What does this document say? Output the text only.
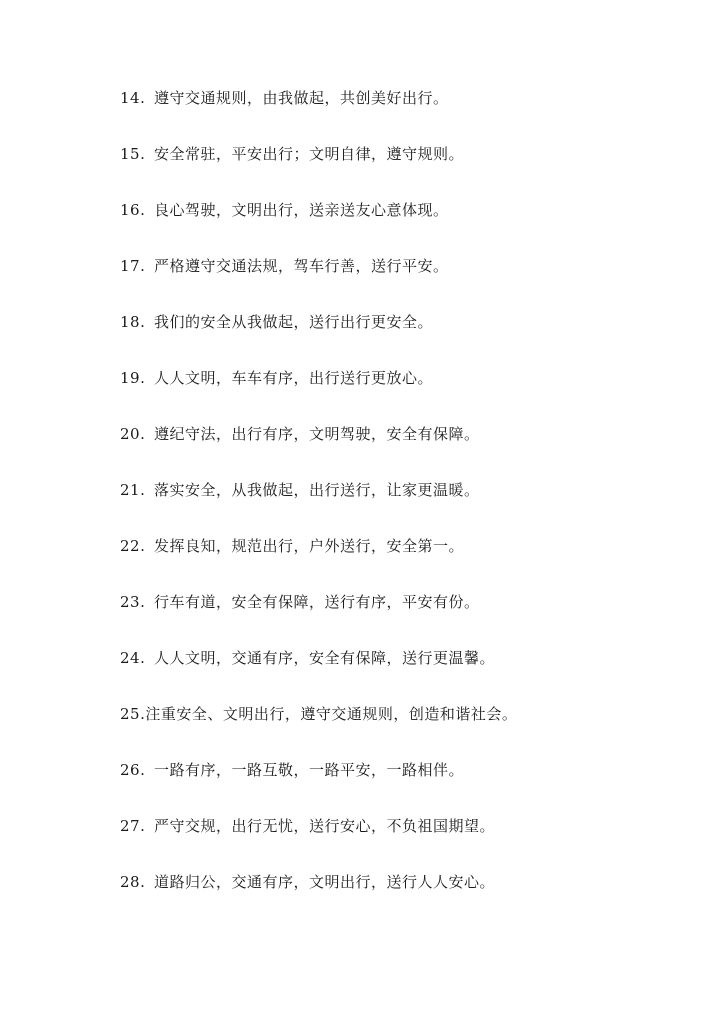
14. 遵守交通规则，由我做起，共创美好出行。
15. 安全常驻，平安出行；文明自律，遵守规则。
16. 良心驾驶，文明出行，送亲送友心意体现。
17. 严格遵守交通法规，驾车行善，送行平安。
18. 我们的安全从我做起，送行出行更安全。
19. 人人文明，车车有序，出行送行更放心。
20. 遵纪守法，出行有序，文明驾驶，安全有保障。
21. 落实安全，从我做起，出行送行，让家更温暖。
22. 发挥良知，规范出行，户外送行，安全第一。
23. 行车有道，安全有保障，送行有序，平安有份。
24. 人人文明，交通有序，安全有保障，送行更温馨。
25.注重安全、文明出行，遵守交通规则，创造和谐社会。
26. 一路有序，一路互敬，一路平安，一路相伴。
27. 严守交规，出行无忧，送行安心，不负祖国期望。
28. 道路归公，交通有序，文明出行，送行人人安心。
